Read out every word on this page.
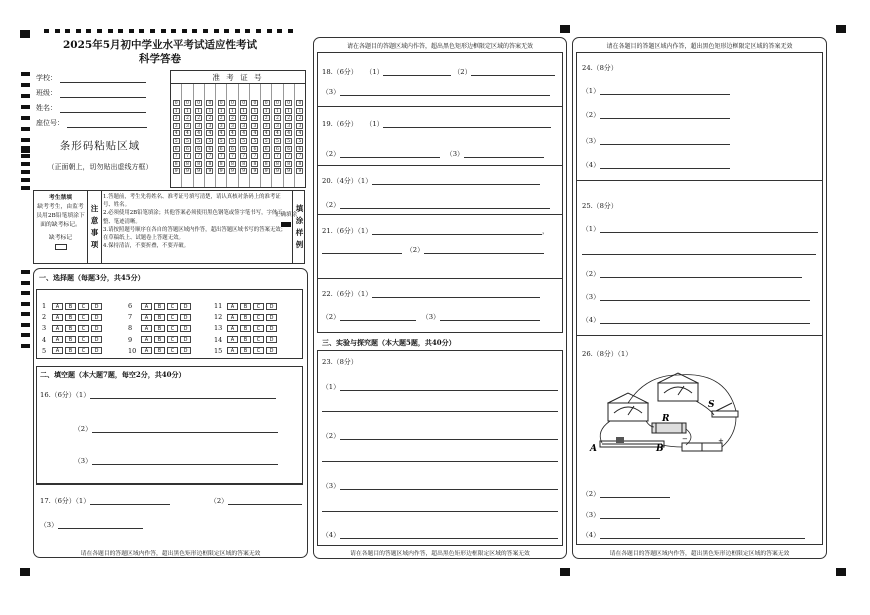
2025年5月初中学业水平考试适应性考试
科学答卷
学校：
班级：
姓名：
座位号：
准 考 证 号
0
1
2
3
4
5
6
7
8
9
0
1
2
3
4
5
6
7
8
9
0
1
2
3
4
5
6
7
8
9
0
1
2
3
4
5
6
7
8
9
0
1
2
3
4
5
6
7
8
9
0
1
2
3
4
5
6
7
8
9
0
1
2
3
4
5
6
7
8
9
0
1
2
3
4
5
6
7
8
9
0
1
2
3
4
5
6
7
8
9
0
1
2
3
4
5
6
7
8
9
0
1
2
3
4
5
6
7
8
9
0
1
2
3
4
5
6
7
8
9
条形码粘贴区域
（正面朝上，切勿贴出虚线方框）
考生禁填
缺考考生，由监考员用2B铅笔填涂下面的缺考标记。
缺考标记
注
意
事
项
1.答题前，考生先将姓名、准考证号填写清楚，请认真核对条码上的准考证号、姓名。
2.必须使用2B铅笔填涂；其他答案必须使用黑色钢笔或签字笔书写，字体工整、笔迹清晰。
3.请按照题号顺序在各自的答题区域内作答，超出答题区域书写的答案无效；在草稿纸上、试题卷上答题无效。
4.保持清洁，不要折叠，不要弄破。
填
涂
样
例
正确填涂
一、选择题（每题3分，共45分）
1	A	B	C	D
2	A	B	C	D
3	A	B	C	D
4	A	B	C	D
5	A	B	C	D
6	A	B	C	D
7	A	B	C	D
8	A	B	C	D
9	A	B	C	D
10	A	B	C	D
11	A	B	C	D
12	A	B	C	D
13	A	B	C	D
14	A	B	C	D
15	A	B	C	D
二、填空题（本大题7题，每空2分，共40分）
16.（6分）（1）
（2）
（3）
17.（6分）（1）	（2）
（3）
请在各题目的答题区域内作答，超出黑色矩形边框限定区域的答案无效
请在各题目的答题区域内作答，超出黑色矩形边框限定区域的答案无效
18.（6分） （1）	（2）
（3）
19.（6分） （1）
（2）	（3）
20.（4分）（1）
（2）
21.（6分）（1）	，
（2）
22.（6分）（1）
（2）	（3）
三、实验与探究题（本大题5题，共40分）
23.（8分）
（1）
（2）
（3）
（4）
请在各题目的答题区域内作答，超出黑色矩形边框限定区域的答案无效
请在各题目的答题区域内作答，超出黑色矩形边框限定区域的答案无效
24.（8分）
（1）
（2）
（3）
（4）
25.（8分）
（1）
（2）
（3）
（4）
26.（8分）（1）
R
S
A	B
+
−
（2）
（3）
（4）
请在各题目的答题区域内作答，超出黑色矩形边框限定区域的答案无效
